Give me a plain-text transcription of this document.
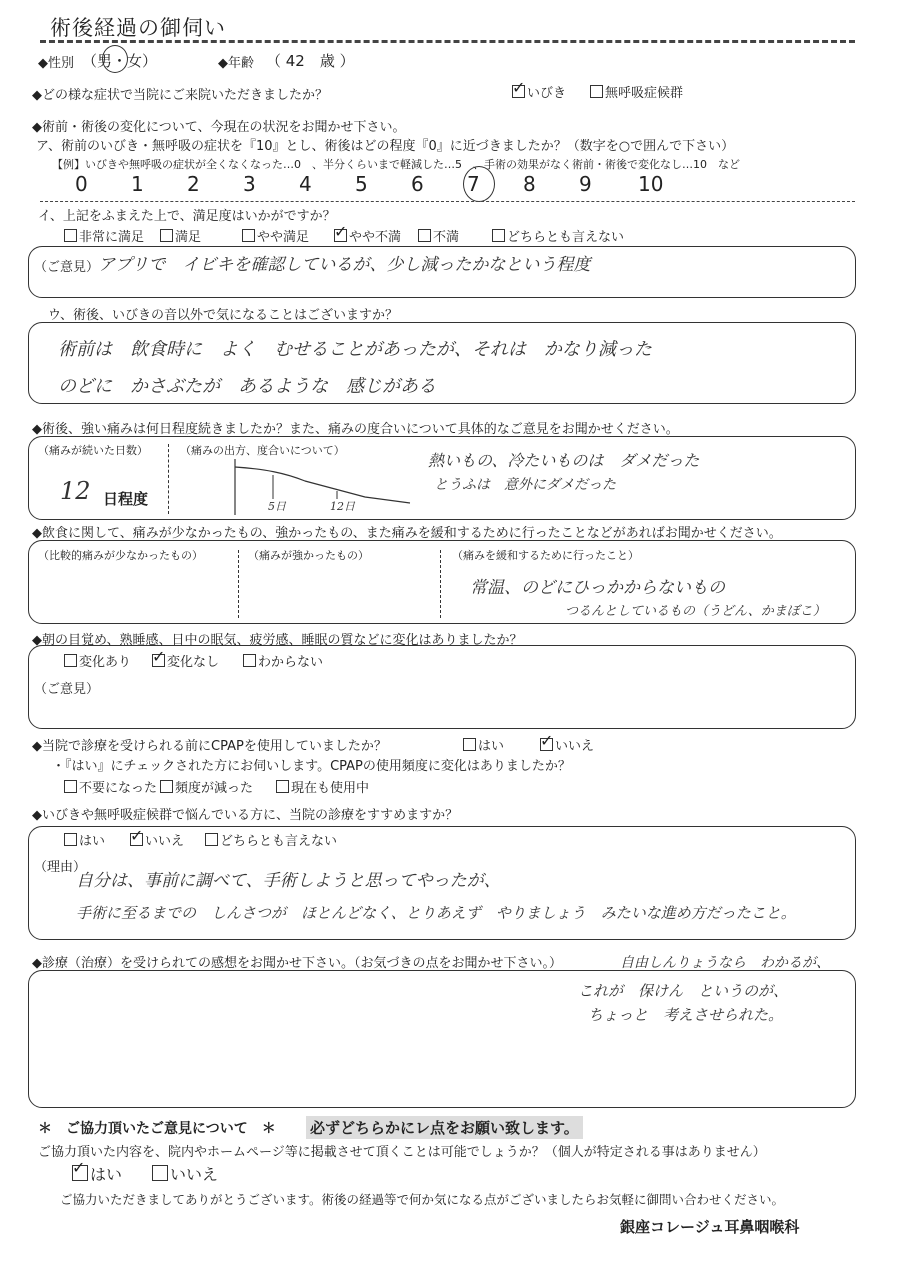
術後経過の御伺い
◆性別 （男・女）	◆年齢 （ 42　歳 ）
◆どの様な症状で当院にご来院いただきましたか？ ✓	いびき	無呼吸症候群
◆術前・術後の変化について、今現在の状況をお聞かせ下さい。
ア、術前のいびき・無呼吸の症状を『10』とし、術後はどの程度『0』に近づきましたか？（数字を○で囲んで下さい）
【例】いびきや無呼吸の症状が全くなくなった…0　、半分くらいまで軽減した…5　、手術の効果がなく術前・術後で変化なし…10　など
0 1 2 3 4 5 6 7 8 9 10
イ、上記をふまえた上で、満足度はいかがですか？
非常に満足	満足	やや満足 ✓	やや不満	不満	どちらとも言えない
（ご意見）
アプリで　イビキを確認しているが、少し減ったかなという程度
ウ、術後、いびきの音以外で気になることはございますか？
術前は　飲食時に　よく　むせることがあったが、それは　かなり減った
のどに　かさぶたが　あるような　感じがある
◆術後、強い痛みは何日程度続きましたか？また、痛みの度合いについて具体的なご意見をお聞かせください。
（痛みが続いた日数）	（痛みの出方、度合いについて）
12 日程度	5日	12日
熱いもの、冷たいものは　ダメだった
とうふは　意外にダメだった
◆飲食に関して、痛みが少なかったもの、強かったもの、また痛みを緩和するために行ったことなどがあればお聞かせください。
（比較的痛みが少なかったもの）	（痛みが強かったもの）	（痛みを緩和するために行ったこと）
常温、のどにひっかからないもの
つるんとしているもの（うどん、かまぼこ）
◆朝の目覚め、熟睡感、日中の眠気、疲労感、睡眠の質などに変化はありましたか？
変化あり ✓	変化なし	わからない
（ご意見）
◆当院で診療を受けられる前にCPAPを使用していましたか？	はい ✓	いいえ
・『はい』にチェックされた方にお伺いします。CPAPの使用頻度に変化はありましたか？
不要になった	頻度が減った	現在も使用中
◆いびきや無呼吸症候群で悩んでいる方に、当院の診療をすすめますか？
はい ✓	いいえ	どちらとも言えない
（理由）
自分は、事前に調べて、手術しようと思ってやったが、
手術に至るまでの　しんさつが　ほとんどなく、とりあえず　やりましょう　みたいな進め方だったこと。
◆診療（治療）を受けられての感想をお聞かせ下さい。（お気づきの点をお聞かせ下さい。）	自由しんりょうなら　わかるが、
これが　保けん　というのが、
ちょっと　考えさせられた。
＊　ご協力頂いたご意見について　＊ 必ずどちらかにレ点をお願い致します。
ご協力頂いた内容を、院内やホームページ等に掲載させて頂くことは可能でしょうか？（個人が特定される事はありません）
✓はい	いいえ
ご協力いただきましてありがとうございます。術後の経過等で何か気になる点がございましたらお気軽に御問い合わせください。
銀座コレージュ耳鼻咽喉科
